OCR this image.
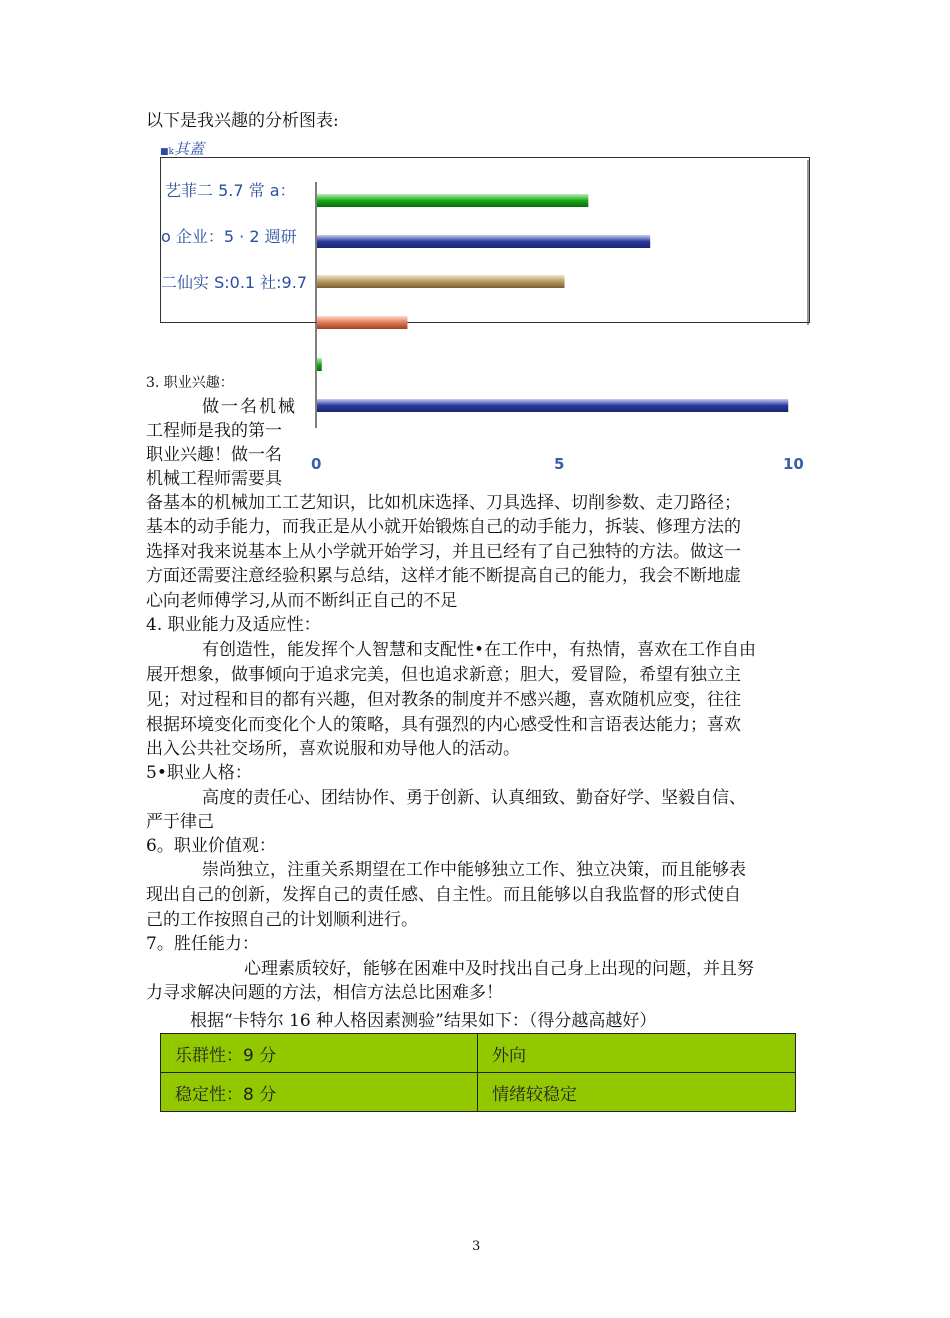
以下是我兴趣的分析图表:
■k其蓋
艺菲二 5.7 常 a：
o 企业：5 · 2 週研
二仙实 S:0.1 社:9.7
0	5	10
3. 职业兴趣：
做一名机械
工程师是我的第一
职业兴趣！做一名
机械工程师需要具
备基本的机械加工工艺知识，比如机床选择、刀具选择、切削参数、走刀路径；
基本的动手能力，而我正是从小就开始锻炼自己的动手能力，拆装、修理方法的
选择对我来说基本上从小学就开始学习，并且已经有了自己独特的方法。做这一
方面还需要注意经验积累与总结，这样才能不断提高自己的能力，我会不断地虚
心向老师傅学习,从而不断纠正自己的不足
4. 职业能力及适应性：
有创造性，能发挥个人智慧和支配性•在工作中，有热情，喜欢在工作自由
展开想象，做事倾向于追求完美，但也追求新意；胆大，爱冒险，希望有独立主
见；对过程和目的都有兴趣，但对教条的制度并不感兴趣，喜欢随机应变，往往
根据环境变化而变化个人的策略，具有强烈的内心感受性和言语表达能力；喜欢
出入公共社交场所，喜欢说服和劝导他人的活动。
5•职业人格：
高度的责任心、团结协作、勇于创新、认真细致、勤奋好学、坚毅自信、
严于律己
6。职业价值观：
崇尚独立，注重关系期望在工作中能够独立工作、独立决策，而且能够表
现出自己的创新，发挥自己的责任感、自主性。而且能够以自我监督的形式使自
己的工作按照自己的计划顺利进行。
7。胜任能力：
心理素质较好，能够在困难中及时找出自己身上出现的问题，并且努
力寻求解决问题的方法，相信方法总比困难多！
根据“卡特尔 16 种人格因素测验”结果如下：（得分越高越好）
乐群性：9 分	外向
稳定性：8 分	情绪较稳定
3
